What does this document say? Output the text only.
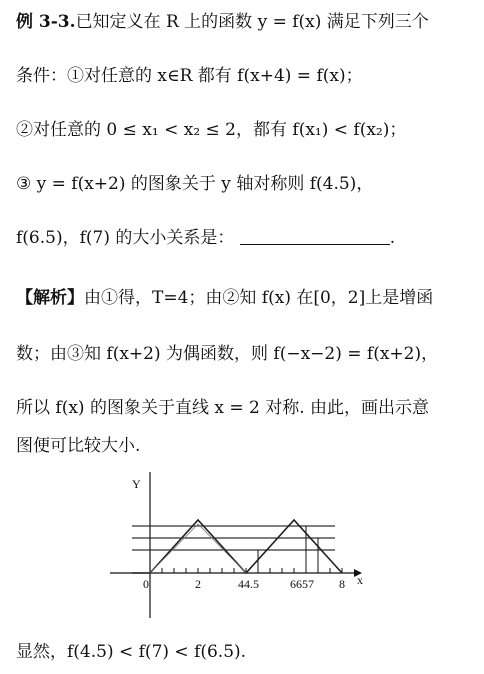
例 3-3.已知定义在 R 上的函数 y = f(x) 满足下列三个
条件：①对任意的 x∈R 都有 f(x+4) = f(x)；
②对任意的 0 ≤ x₁ < x₂ ≤ 2，都有 f(x₁) < f(x₂)；
③ y = f(x+2) 的图象关于 y 轴对称则 f(4.5)，
f(6.5)，f(7) 的大小关系是：	.
【解析】由①得，T=4；由②知 f(x) 在[0，2]上是增函
数；由③知 f(x+2) 为偶函数，则 f(−x−2) = f(x+2)，
所以 f(x) 的图象关于直线 x = 2 对称. 由此，画出示意
图便可比较大小.
Y
x
0	2	44.5	6657 8
显然，f(4.5) < f(7) < f(6.5).
